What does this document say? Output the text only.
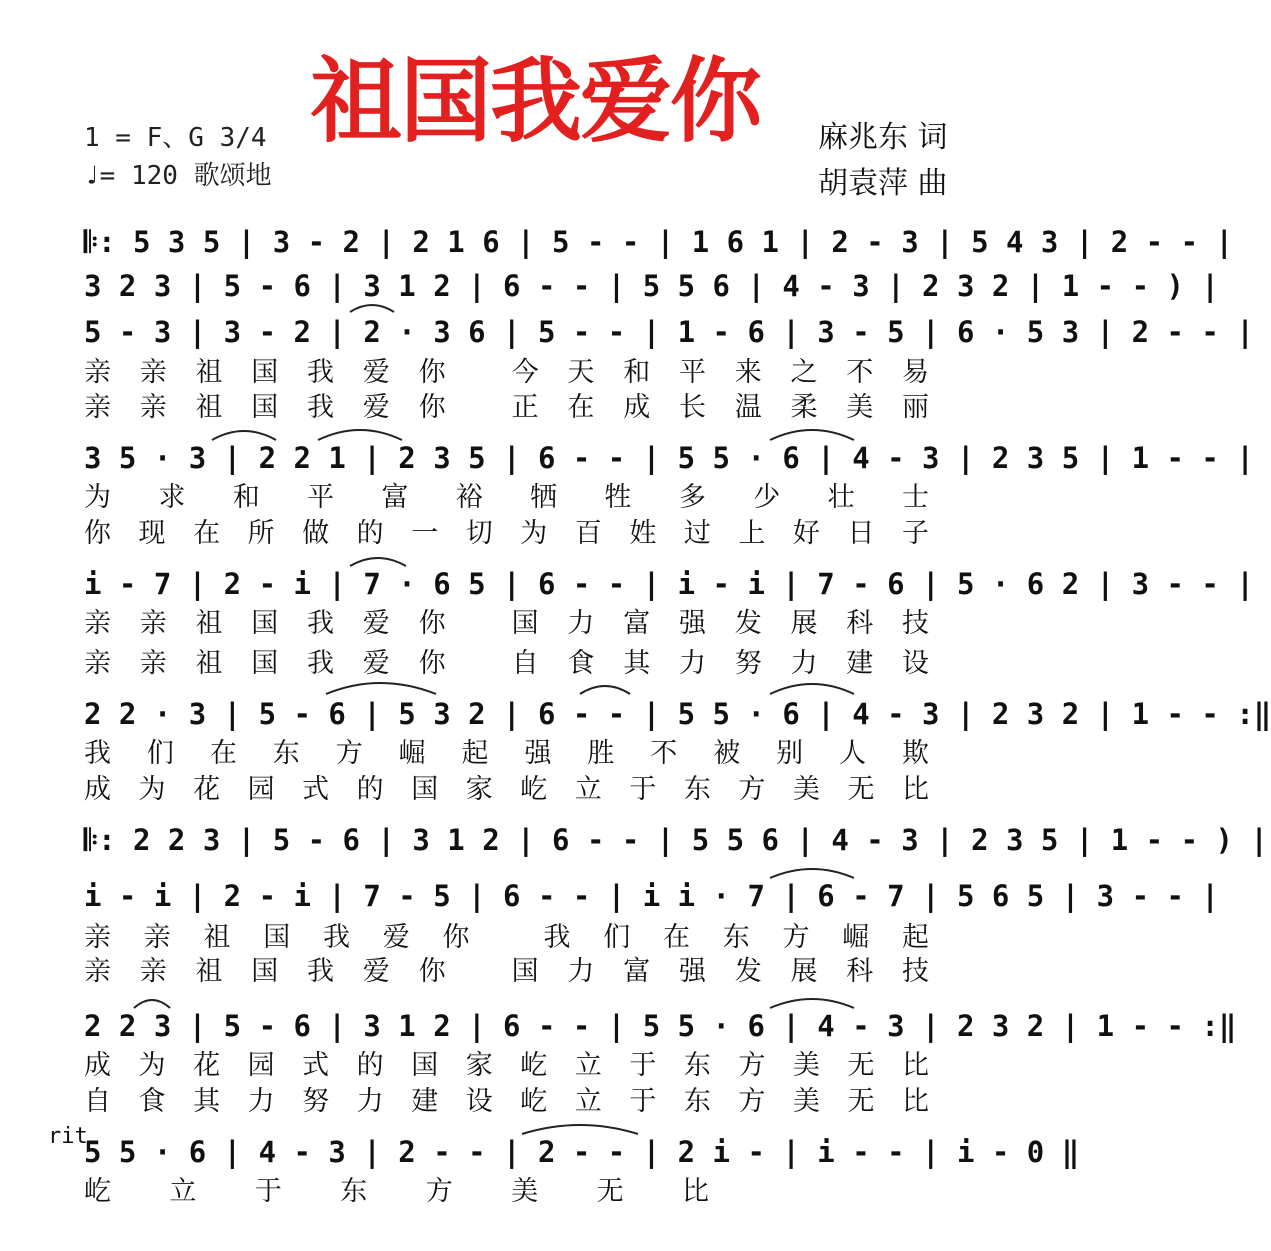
祖国我爱你
1 = F、G 3/4
♩= 120 歌颂地
麻兆东 词
胡袁萍 曲
𝄆: 5 3 5 | 3 - 2 | 2 1 6 | 5 - - | 1 6 1 | 2 - 3 | 5 4 3 | 2 - - |
3 2 3 | 5 - 6 | 3 1 2 | 6 - - | 5 5 6 | 4 - 3 | 2 3 2 | 1 - - ) |
5 - 3 | 3 - 2 | 2 · 3 6 | 5 - - | 1 - 6 | 3 - 5 | 6 · 5 3 | 2 - - |
亲 亲 祖 国 我 爱 你   今 天 和 平 来 之 不 易
亲 亲 祖 国 我 爱 你   正 在 成 长 温 柔 美 丽
3 5 · 3 | 2 2 1 | 2 3 5 | 6 - - | 5 5 · 6 | 4 - 3 | 2 3 5 | 1 - - |
为 求 和 平 富 裕 牺 牲 多 少 壮 士
你 现 在 所 做 的 一 切 为 百 姓 过 上 好 日 子
i - 7 | 2 - i | 7 · 6 5 | 6 - - | i - i | 7 - 6 | 5 · 6 2 | 3 - - |
亲 亲 祖 国 我 爱 你   国 力 富 强 发 展 科 技
亲 亲 祖 国 我 爱 你   自 食 其 力 努 力 建 设
2 2 · 3 | 5 - 6 | 5 3 2 | 6 - - | 5 5 · 6 | 4 - 3 | 2 3 2 | 1 - - :‖
我 们 在 东 方 崛 起 强 胜 不 被 别 人 欺
成 为 花 园 式 的 国 家 屹 立 于 东 方 美 无 比
𝄆: 2 2 3 | 5 - 6 | 3 1 2 | 6 - - | 5 5 6 | 4 - 3 | 2 3 5 | 1 - - ) |
i - i | 2 - i | 7 - 5 | 6 - - | i i · 7 | 6 - 7 | 5 6 5 | 3 - - |
亲 亲 祖 国 我 爱 你   我 们 在 东 方 崛 起
亲 亲 祖 国 我 爱 你   国 力 富 强 发 展 科 技
2 2 3 | 5 - 6 | 3 1 2 | 6 - - | 5 5 · 6 | 4 - 3 | 2 3 2 | 1 - - :‖
成 为 花 园 式 的 国 家 屹 立 于 东 方 美 无 比
自 食 其 力 努 力 建 设 屹 立 于 东 方 美 无 比
rit
5 5 · 6 | 4 - 3 | 2 - - | 2 - - | 2 i - | i - - | i - 0 ‖
屹 立 于 东 方 美 无 比
